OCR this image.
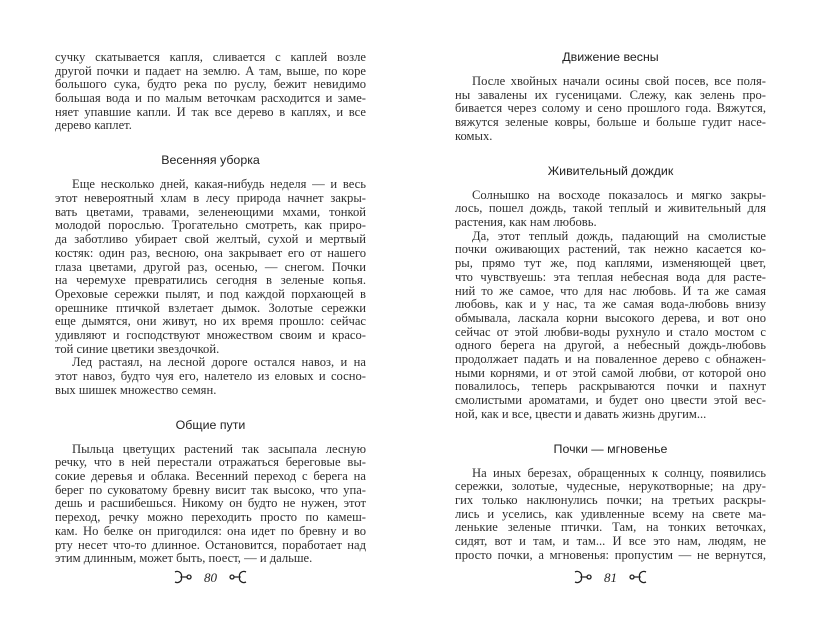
сучку скатывается капля, сливается с каплей возле
другой почки и падает на землю. А там, выше, по коре
большого сука, будто река по руслу, бежит невидимо
большая вода и по малым веточкам расходится и заме-
няет упавшие капли. И так все дерево в каплях, и все
дерево каплет.
Весенняя уборка
Еще несколько дней, какая-нибудь неделя — и весь
этот невероятный хлам в лесу природа начнет закры-
вать цветами, травами, зеленеющими мхами, тонкой
молодой порослью. Трогательно смотреть, как приро-
да заботливо убирает свой желтый, сухой и мертвый
костяк: один раз, весною, она закрывает его от нашего
глаза цветами, другой раз, осенью, — снегом. Почки
на черемухе превратились сегодня в зеленые копья.
Ореховые сережки пылят, и под каждой порхающей в
орешнике птичкой взлетает дымок. Золотые сережки
еще дымятся, они живут, но их время прошло: сейчас
удивляют и господствуют множеством своим и красо-
той синие цветики звездочкой.
Лед растаял, на лесной дороге остался навоз, и на
этот навоз, будто чуя его, налетело из еловых и сосно-
вых шишек множество семян.
Общие пути
Пыльца цветущих растений так засыпала лесную
речку, что в ней перестали отражаться береговые вы-
сокие деревья и облака. Весенний переход с берега на
берег по суковатому бревну висит так высоко, что упа-
дешь и расшибешься. Никому он будто не нужен, этот
переход, речку можно переходить просто по камеш-
кам. Но белке он пригодился: она идет по бревну и во
рту несет что-то длинное. Остановится, поработает над
этим длинным, может быть, поест, — и дальше.
Движение весны
После хвойных начали осины свой посев, все поля-
ны завалены их гусеницами. Слежу, как зелень про-
бивается через солому и сено прошлого года. Вяжутся,
вяжутся зеленые ковры, больше и больше гудит насе-
комых.
Живительный дождик
Солнышко на восходе показалось и мягко закры-
лось, пошел дождь, такой теплый и живительный для
растения, как нам любовь.
Да, этот теплый дождь, падающий на смолистые
почки оживающих растений, так нежно касается ко-
ры, прямо тут же, под каплями, изменяющей цвет,
что чувствуешь: эта теплая небесная вода для расте-
ний то же самое, что для нас любовь. И та же самая
любовь, как и у нас, та же самая вода-любовь внизу
обмывала, ласкала корни высокого дерева, и вот оно
сейчас от этой любви-воды рухнуло и стало мостом с
одного берега на другой, а небесный дождь-любовь
продолжает падать и на поваленное дерево с обнажен-
ными корнями, и от этой самой любви, от которой оно
повалилось, теперь раскрываются почки и пахнут
смолистыми ароматами, и будет оно цвести этой вес-
ной, как и все, цвести и давать жизнь другим...
Почки — мгновенье
На иных березах, обращенных к солнцу, появились
сережки, золотые, чудесные, нерукотворные; на дру-
гих только наклюнулись почки; на третьих раскры-
лись и уселись, как удивленные всему на свете ма-
ленькие зеленые птички. Там, на тонких веточках,
сидят, вот и там, и там... И все это нам, людям, не
просто почки, а мгновенья: пропустим — не вернутся,
80	81
